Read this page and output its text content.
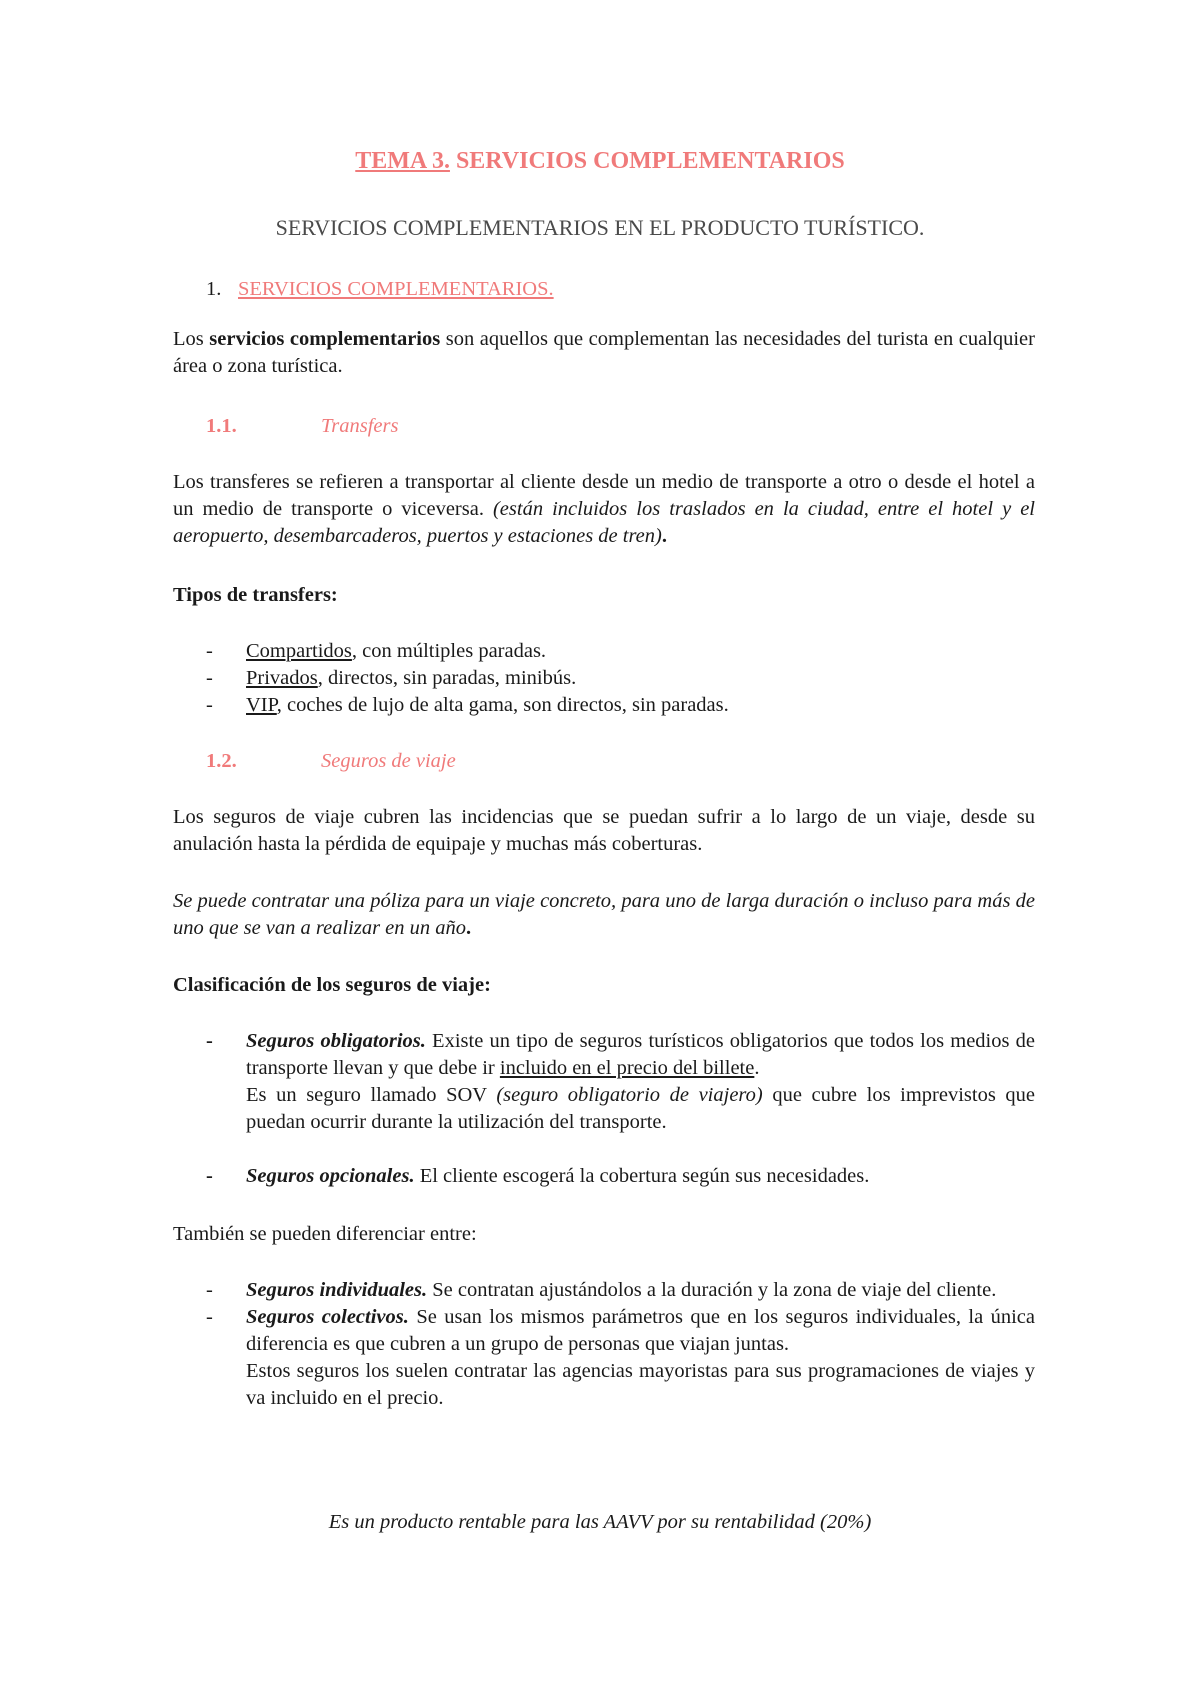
TEMA 3. SERVICIOS COMPLEMENTARIOS

SERVICIOS COMPLEMENTARIOS EN EL PRODUCTO TURÍSTICO.

1. SERVICIOS COMPLEMENTARIOS.

Los servicios complementarios son aquellos que complementan las necesidades del turista en cualquier área o zona turística.

1.1.	Transfers

Los transferes se refieren a transportar al cliente desde un medio de transporte a otro o desde el hotel a un medio de transporte o viceversa. (están incluidos los traslados en la ciudad, entre el hotel y el aeropuerto, desembarcaderos, puertos y estaciones de tren).

Tipos de transfers:

- Compartidos, con múltiples paradas.
- Privados, directos, sin paradas, minibús.
- VIP, coches de lujo de alta gama, son directos, sin paradas.

1.2.	Seguros de viaje

Los seguros de viaje cubren las incidencias que se puedan sufrir a lo largo de un viaje, desde su anulación hasta la pérdida de equipaje y muchas más coberturas.

Se puede contratar una póliza para un viaje concreto, para uno de larga duración o incluso para más de uno que se van a realizar en un año.

Clasificación de los seguros de viaje:

- Seguros obligatorios. Existe un tipo de seguros turísticos obligatorios que todos los medios de transporte llevan y que debe ir incluido en el precio del billete.
Es un seguro llamado SOV (seguro obligatorio de viajero) que cubre los imprevistos que puedan ocurrir durante la utilización del transporte.
- Seguros opcionales. El cliente escogerá la cobertura según sus necesidades.

También se pueden diferenciar entre:

- Seguros individuales. Se contratan ajustándolos a la duración y la zona de viaje del cliente.
- Seguros colectivos. Se usan los mismos parámetros que en los seguros individuales, la única diferencia es que cubren a un grupo de personas que viajan juntas.
Estos seguros los suelen contratar las agencias mayoristas para sus programaciones de viajes y va incluido en el precio.

Es un producto rentable para las AAVV por su rentabilidad (20%)
